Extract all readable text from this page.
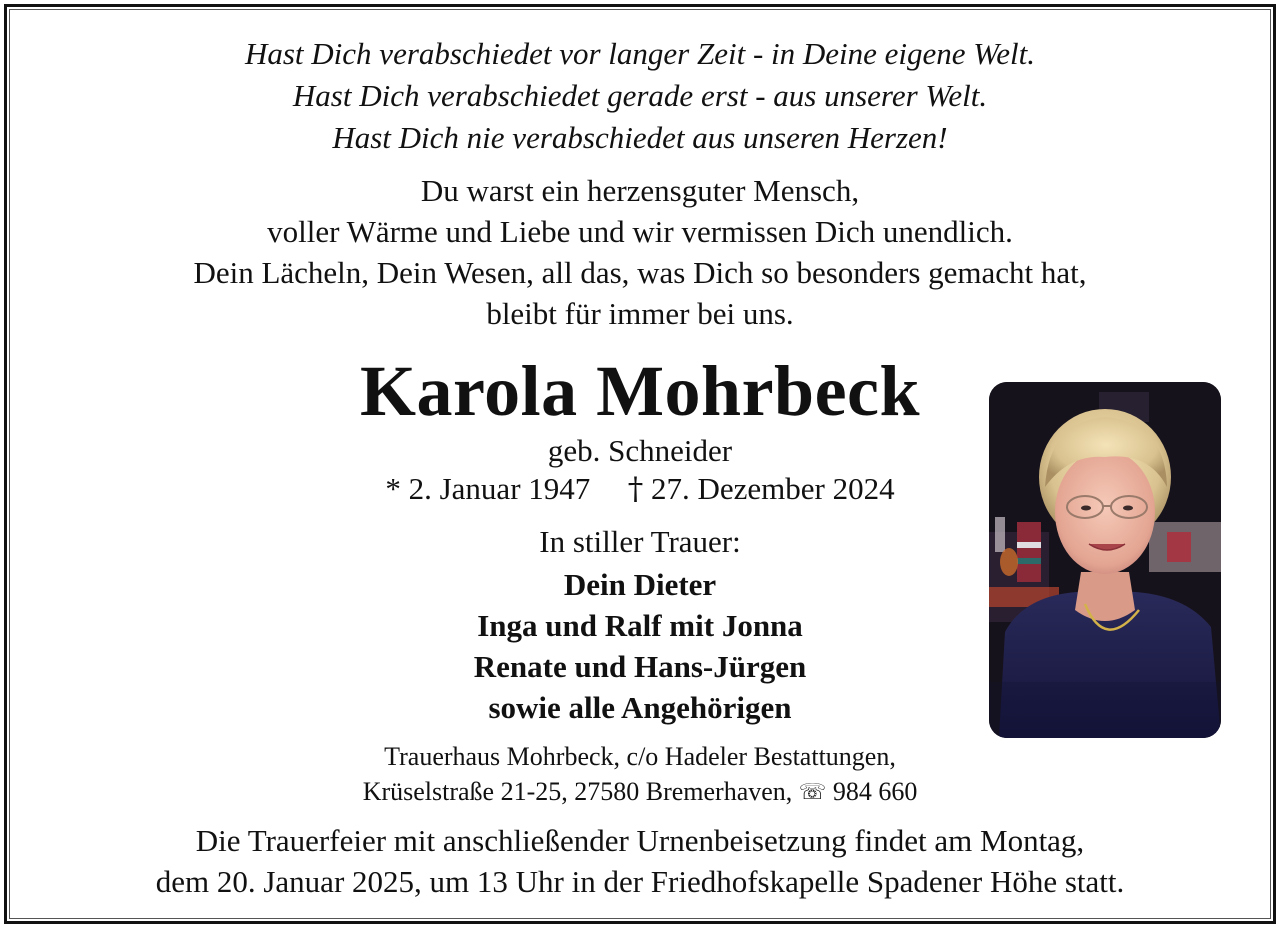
Hast Dich verabschiedet vor langer Zeit - in Deine eigene Welt.
Hast Dich verabschiedet gerade erst - aus unserer Welt.
Hast Dich nie verabschiedet aus unseren Herzen!
Du warst ein herzensguter Mensch,
voller Wärme und Liebe und wir vermissen Dich unendlich.
Dein Lächeln, Dein Wesen, all das, was Dich so besonders gemacht hat,
bleibt für immer bei uns.
Karola Mohrbeck
geb. Schneider
* 2. Januar 1947 † 27. Dezember 2024
In stiller Trauer:
Dein Dieter
Inga und Ralf mit Jonna
Renate und Hans-Jürgen
sowie alle Angehörigen
Trauerhaus Mohrbeck, c/o Hadeler Bestattungen,
Krüselstraße 21-25, 27580 Bremerhaven, ☏ 984 660
Die Trauerfeier mit anschließender Urnenbeisetzung findet am Montag,
dem 20. Januar 2025, um 13 Uhr in der Friedhofskapelle Spadener Höhe statt.
